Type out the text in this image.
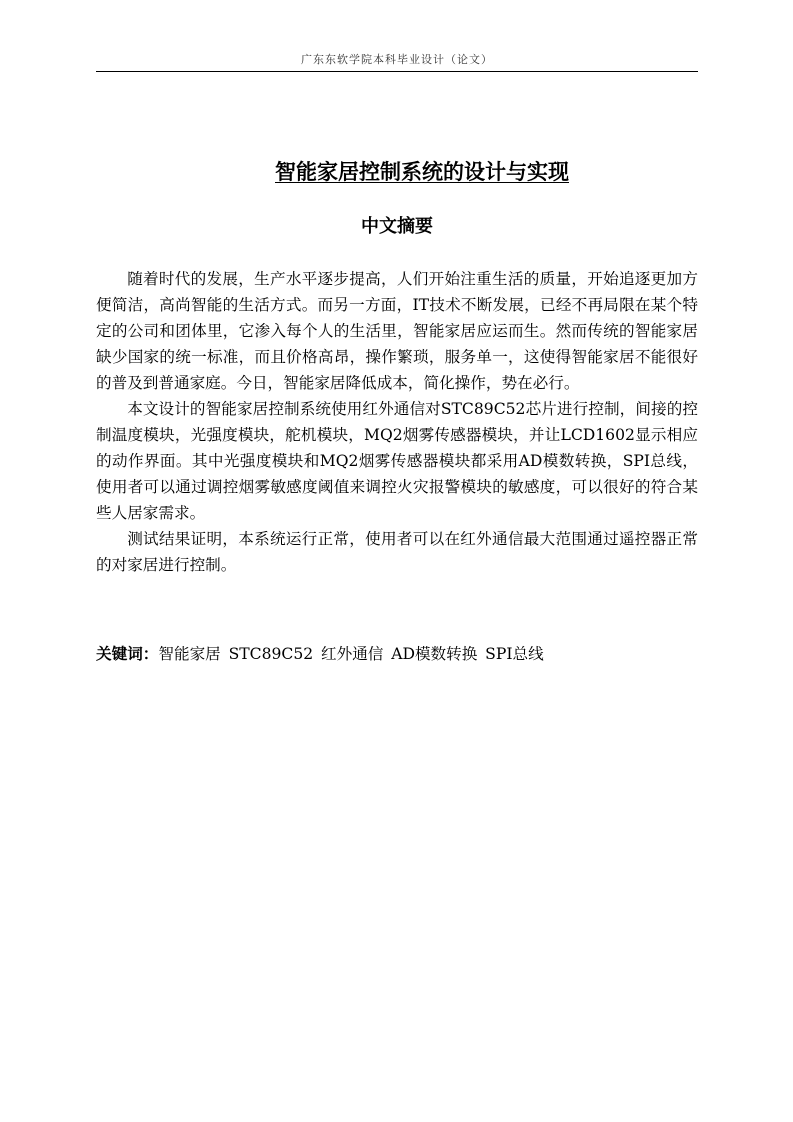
广东东软学院本科毕业设计（论文）
智能家居控制系统的设计与实现
中文摘要

随着时代的发展，生产水平逐步提高，人们开始注重生活的质量，开始追逐更加方便简洁，高尚智能的生活方式。而另一方面，IT技术不断发展，已经不再局限在某个特定的公司和团体里，它渗入每个人的生活里，智能家居应运而生。然而传统的智能家居缺少国家的统一标准，而且价格高昂，操作繁琐，服务单一，这使得智能家居不能很好的普及到普通家庭。今日，智能家居降低成本，简化操作，势在必行。

本文设计的智能家居控制系统使用红外通信对STC89C52芯片进行控制，间接的控制温度模块，光强度模块，舵机模块，MQ2烟雾传感器模块，并让LCD1602显示相应的动作界面。其中光强度模块和MQ2烟雾传感器模块都采用AD模数转换，SPI总线，使用者可以通过调控烟雾敏感度阈值来调控火灾报警模块的敏感度，可以很好的符合某些人居家需求。

测试结果证明，本系统运行正常，使用者可以在红外通信最大范围通过遥控器正常的对家居进行控制。

关键词：智能家居 STC89C52 红外通信 AD模数转换 SPI总线
